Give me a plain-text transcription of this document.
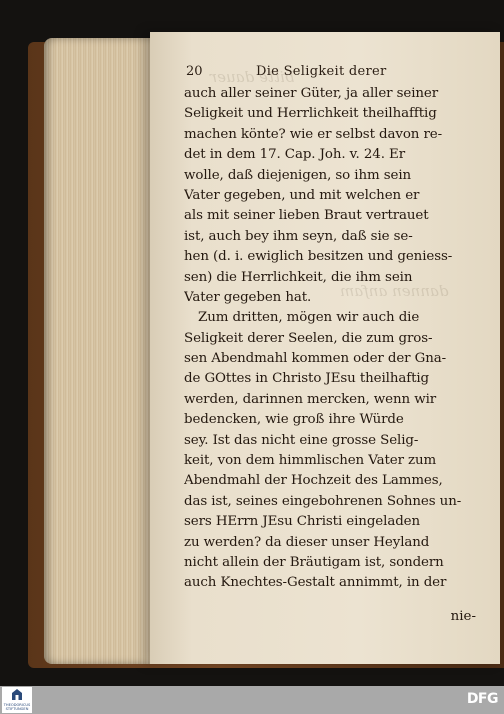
bitte dauer
dannen anfam
20	Die Seligkeit derer
auch aller seiner Güter, ja aller seiner
Seligkeit und Herrlichkeit theilhafftig
machen könte? wie er selbst davon re-
det in dem 17. Cap. Joh. v. 24. Er
wolle, daß diejenigen, so ihm sein
Vater gegeben, und mit welchen er
als mit seiner lieben Braut vertrauet
ist, auch bey ihm seyn, daß sie se-
hen (d. i. ewiglich besitzen und geniess-
sen) die Herrlichkeit, die ihm sein
Vater gegeben hat.
Zum dritten, mögen wir auch die
Seligkeit derer Seelen, die zum gros-
sen Abendmahl kommen oder der Gna-
de GOttes in Christo JEsu theilhaftig
werden, darinnen mercken, wenn wir
bedencken, wie groß ihre Würde
sey. Ist das nicht eine grosse Selig-
keit, von dem himmlischen Vater zum
Abendmahl der Hochzeit des Lammes,
das ist, seines eingebohrenen Sohnes un-
sers HErrn JEsu Christi eingeladen
zu werden? da dieser unser Heyland
nicht allein der Bräutigam ist, sondern
auch Knechtes-Gestalt annimmt, in der
nie-
THEODORICUS STIFTUNGEN
DFG
